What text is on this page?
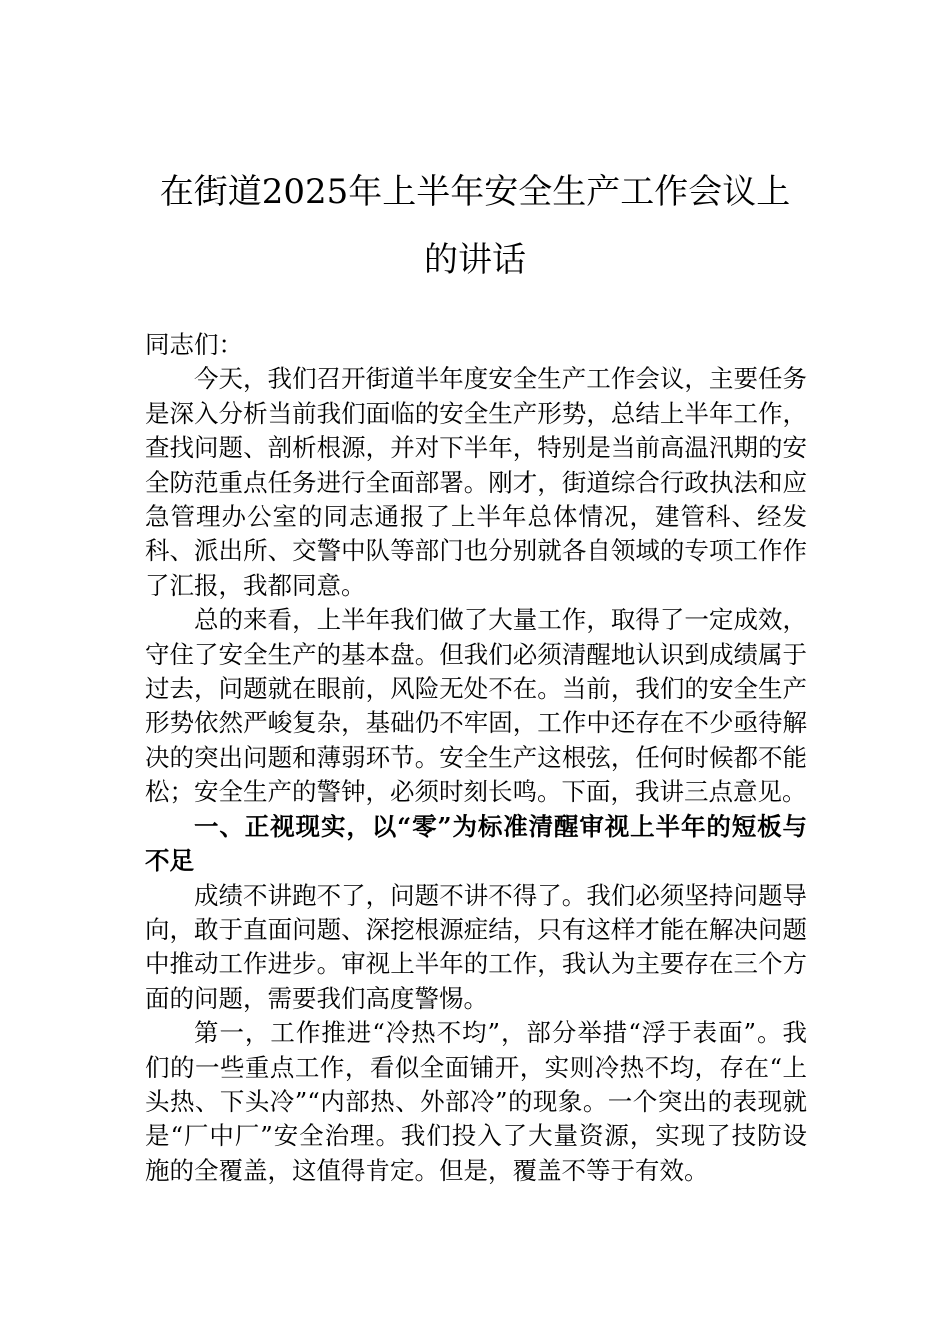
在街道2025年上半年安全生产工作会议上
的讲话

同志们：

今天，我们召开街道半年度安全生产工作会议，主要任务是深入分析当前我们面临的安全生产形势，总结上半年工作，查找问题、剖析根源，并对下半年，特别是当前高温汛期的安全防范重点任务进行全面部署。刚才，街道综合行政执法和应急管理办公室的同志通报了上半年总体情况，建管科、经发科、派出所、交警中队等部门也分别就各自领域的专项工作作了汇报，我都同意。

总的来看，上半年我们做了大量工作，取得了一定成效，守住了安全生产的基本盘。但我们必须清醒地认识到成绩属于过去，问题就在眼前，风险无处不在。当前，我们的安全生产形势依然严峻复杂，基础仍不牢固，工作中还存在不少亟待解决的突出问题和薄弱环节。安全生产这根弦，任何时候都不能松；安全生产的警钟，必须时刻长鸣。下面，我讲三点意见。

一、正视现实，以“零”为标准清醒审视上半年的短板与不足

成绩不讲跑不了，问题不讲不得了。我们必须坚持问题导向，敢于直面问题、深挖根源症结，只有这样才能在解决问题中推动工作进步。审视上半年的工作，我认为主要存在三个方面的问题，需要我们高度警惕。

第一，工作推进“冷热不均”，部分举措“浮于表面”。我们的一些重点工作，看似全面铺开，实则冷热不均，存在“上头热、下头冷”“内部热、外部冷”的现象。一个突出的表现就是“厂中厂”安全治理。我们投入了大量资源，实现了技防设施的全覆盖，这值得肯定。但是，覆盖不等于有效。
